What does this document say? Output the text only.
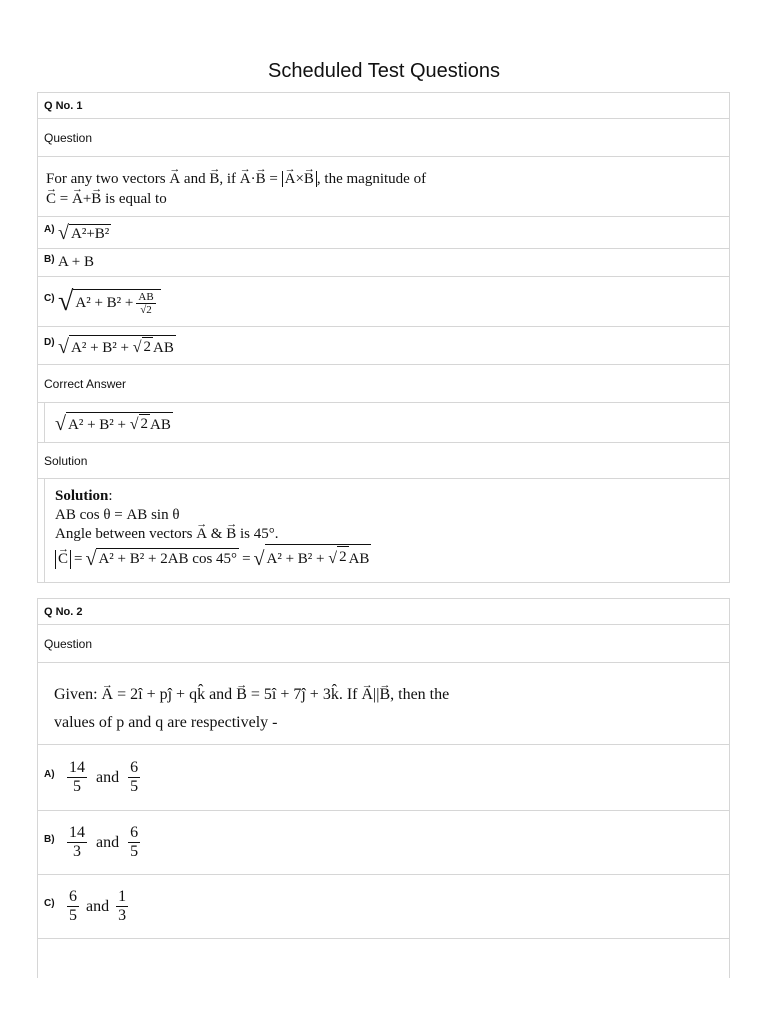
Scheduled Test Questions
Q No. 1
Question
For any two vectors → A and → B, if → A·→ B = → A×→ B , the magnitude of
→ C = → A+→ B is equal to
A) √ A²+B²
B) A + B
C) √ $A^2 + B^2 + \frac{AB}{√2}$
D) √ A² + B² + √ 2 AB
Correct Answer
√ A² + B² + √ 2 AB
Solution
Solution:
AB cos θ = AB sin θ
Angle between vectors → A & → B is 45°.
→ C = √ A² + B² + 2AB cos 45° = √ A² + B² + √ 2 AB
Q No. 2
Question
Given: → A = 2î + pĵ + qk̂ and → B = 5î + 7ĵ + 3k̂. If → A||→ B, then the
values of p and q are respectively -
$A) \frac{14}{5}$ and $\frac{6}{5}$
$B) \frac{14}{3}$ and $\frac{6}{5}$
$C) \frac{6}{5}$ and $\frac{1}{3}$
